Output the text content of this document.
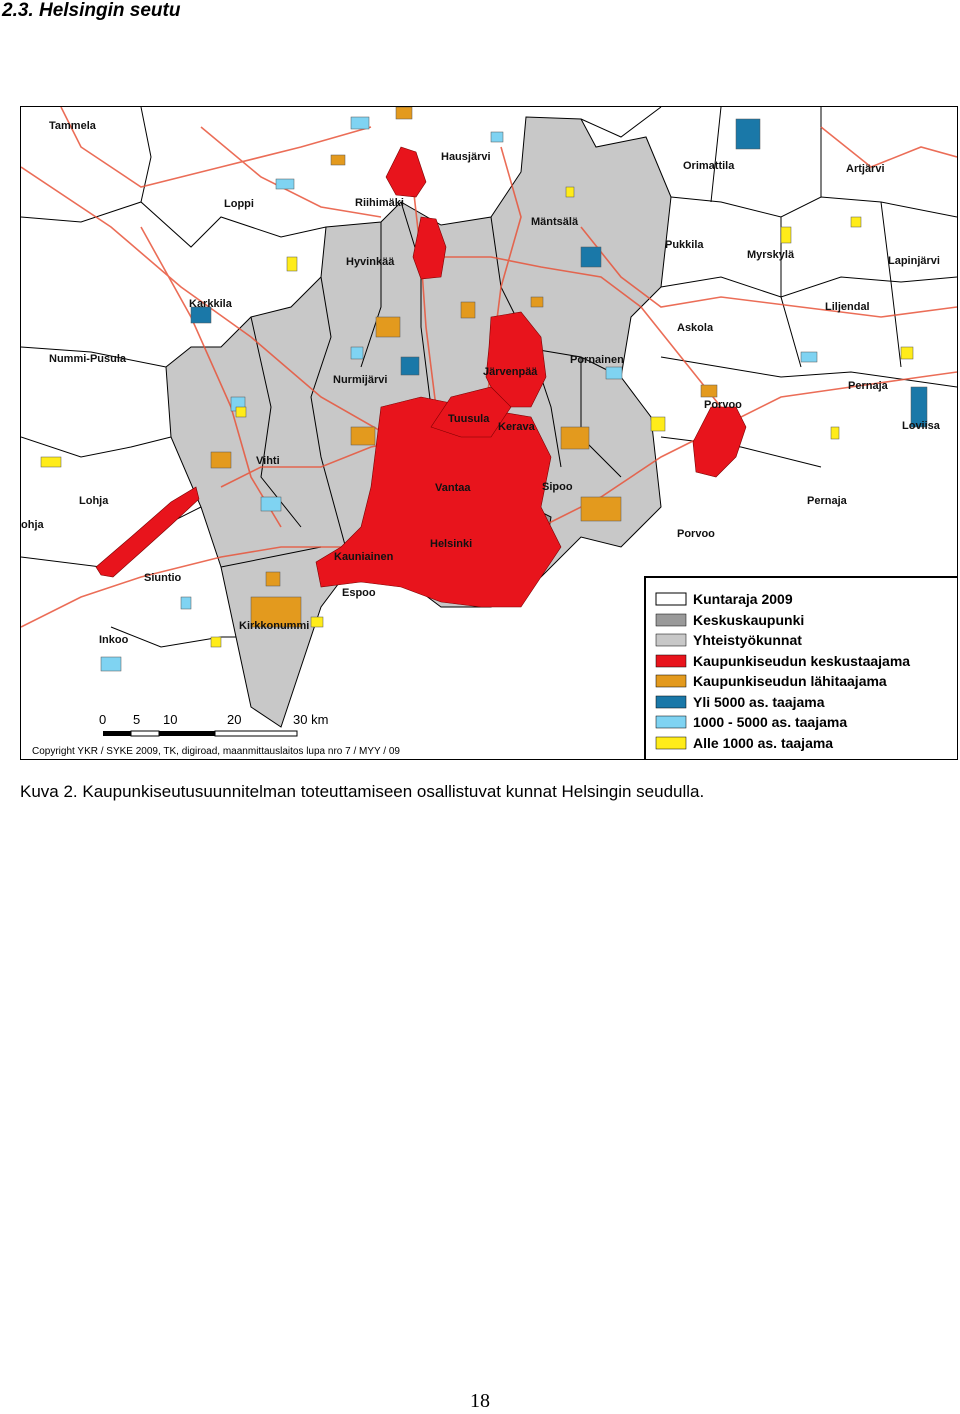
2.3. Helsingin seutu
Kuntaraja 2009
Keskuskaupunki
Yhteistyökunnat
Kaupunkiseudun keskustaajama
Kaupunkiseudun lähitaajama
Yli 5000 as. taajama
1000 - 5000 as. taajama
Alle 1000 as. taajama
0 5 10	20	30 km
Copyright YKR / SYKE 2009, TK, digiroad, maanmittauslaitos lupa nro 7 / MYY / 09
Tammela
Hausjärvi
Orimattila	Artjärvi
Loppi	Riihimäki
Mäntsälä
Pukkila
Myrskylä	Lapinjärvi
Hyvinkää
Karkkila	Liljendal
Askola
Nummi-Pusula	Pornainen
Nurmijärvi
Järvenpää
Pernaja
Porvoo
Loviisa
Tuusula
Kerava
Vihti
Lohja
Vantaa	Sipoo
Pernaja
ohja
Kauniainen
Helsinki
Porvoo
Siuntio
Espoo
Kirkkonummi
Inkoo
Kuva 2. Kaupunkiseutusuunnitelman toteuttamiseen osallistuvat kunnat Helsingin seudulla.
18
